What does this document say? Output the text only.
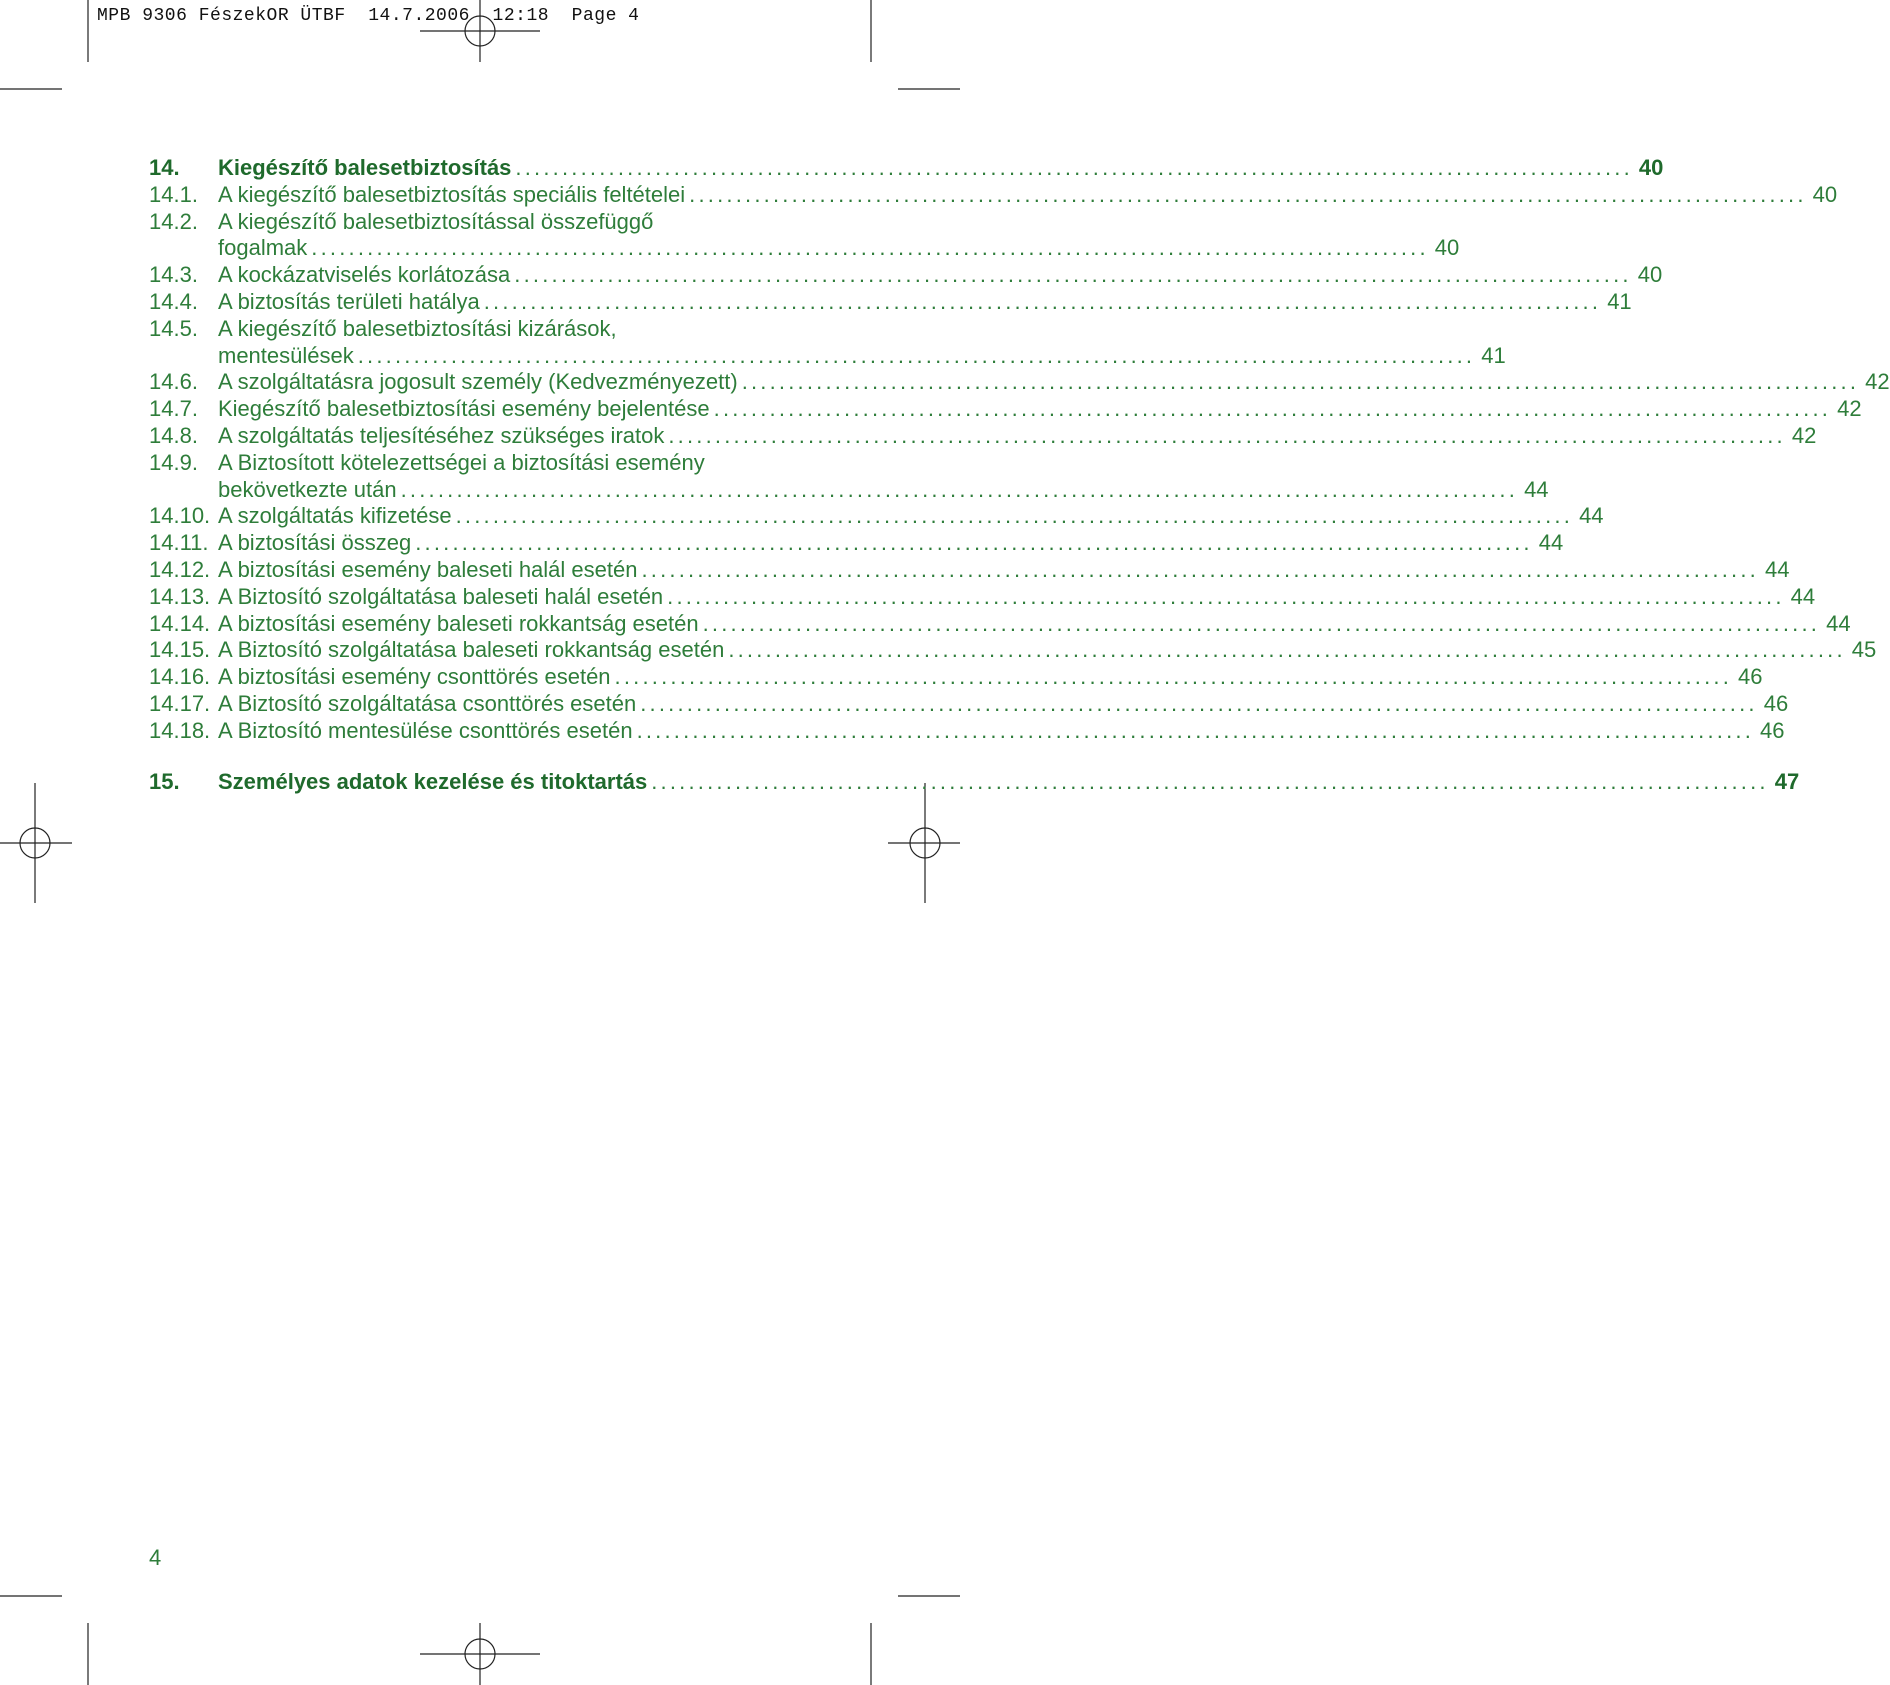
MPB 9306 FészekOR ÜTBF  14.7.2006  12:18  Page 4
14.	Kiegészítő balesetbiztosítás ........................................................................................................................ 40
14.1. A kiegészítő balesetbiztosítás speciális feltételei ........................................................................................................................ 40
14.2. A kiegészítő balesetbiztosítással összefüggő
fogalmak ........................................................................................................................ 40
14.3. A kockázatviselés korlátozása ........................................................................................................................ 40
14.4. A biztosítás területi hatálya ........................................................................................................................ 41
14.5. A kiegészítő balesetbiztosítási kizárások,
mentesülések ........................................................................................................................ 41
14.6. A szolgáltatásra jogosult személy (Kedvezményezett) ........................................................................................................................ 42
14.7. Kiegészítő balesetbiztosítási esemény bejelentése ........................................................................................................................ 42
14.8. A szolgáltatás teljesítéséhez szükséges iratok ........................................................................................................................ 42
14.9. A Biztosított kötelezettségei a biztosítási esemény
bekövetkezte után ........................................................................................................................ 44
14.10. A szolgáltatás kifizetése ........................................................................................................................ 44
14.11. A biztosítási összeg ........................................................................................................................ 44
14.12. A biztosítási esemény baleseti halál esetén ........................................................................................................................ 44
14.13. A Biztosító szolgáltatása baleseti halál esetén ........................................................................................................................ 44
14.14. A biztosítási esemény baleseti rokkantság esetén ........................................................................................................................ 44
14.15. A Biztosító szolgáltatása baleseti rokkantság esetén ........................................................................................................................ 45
14.16. A biztosítási esemény csonttörés esetén ........................................................................................................................ 46
14.17. A Biztosító szolgáltatása csonttörés esetén ........................................................................................................................ 46
14.18. A Biztosító mentesülése csonttörés esetén ........................................................................................................................ 46
15.	Személyes adatok kezelése és titoktartás ........................................................................................................................ 47
4
